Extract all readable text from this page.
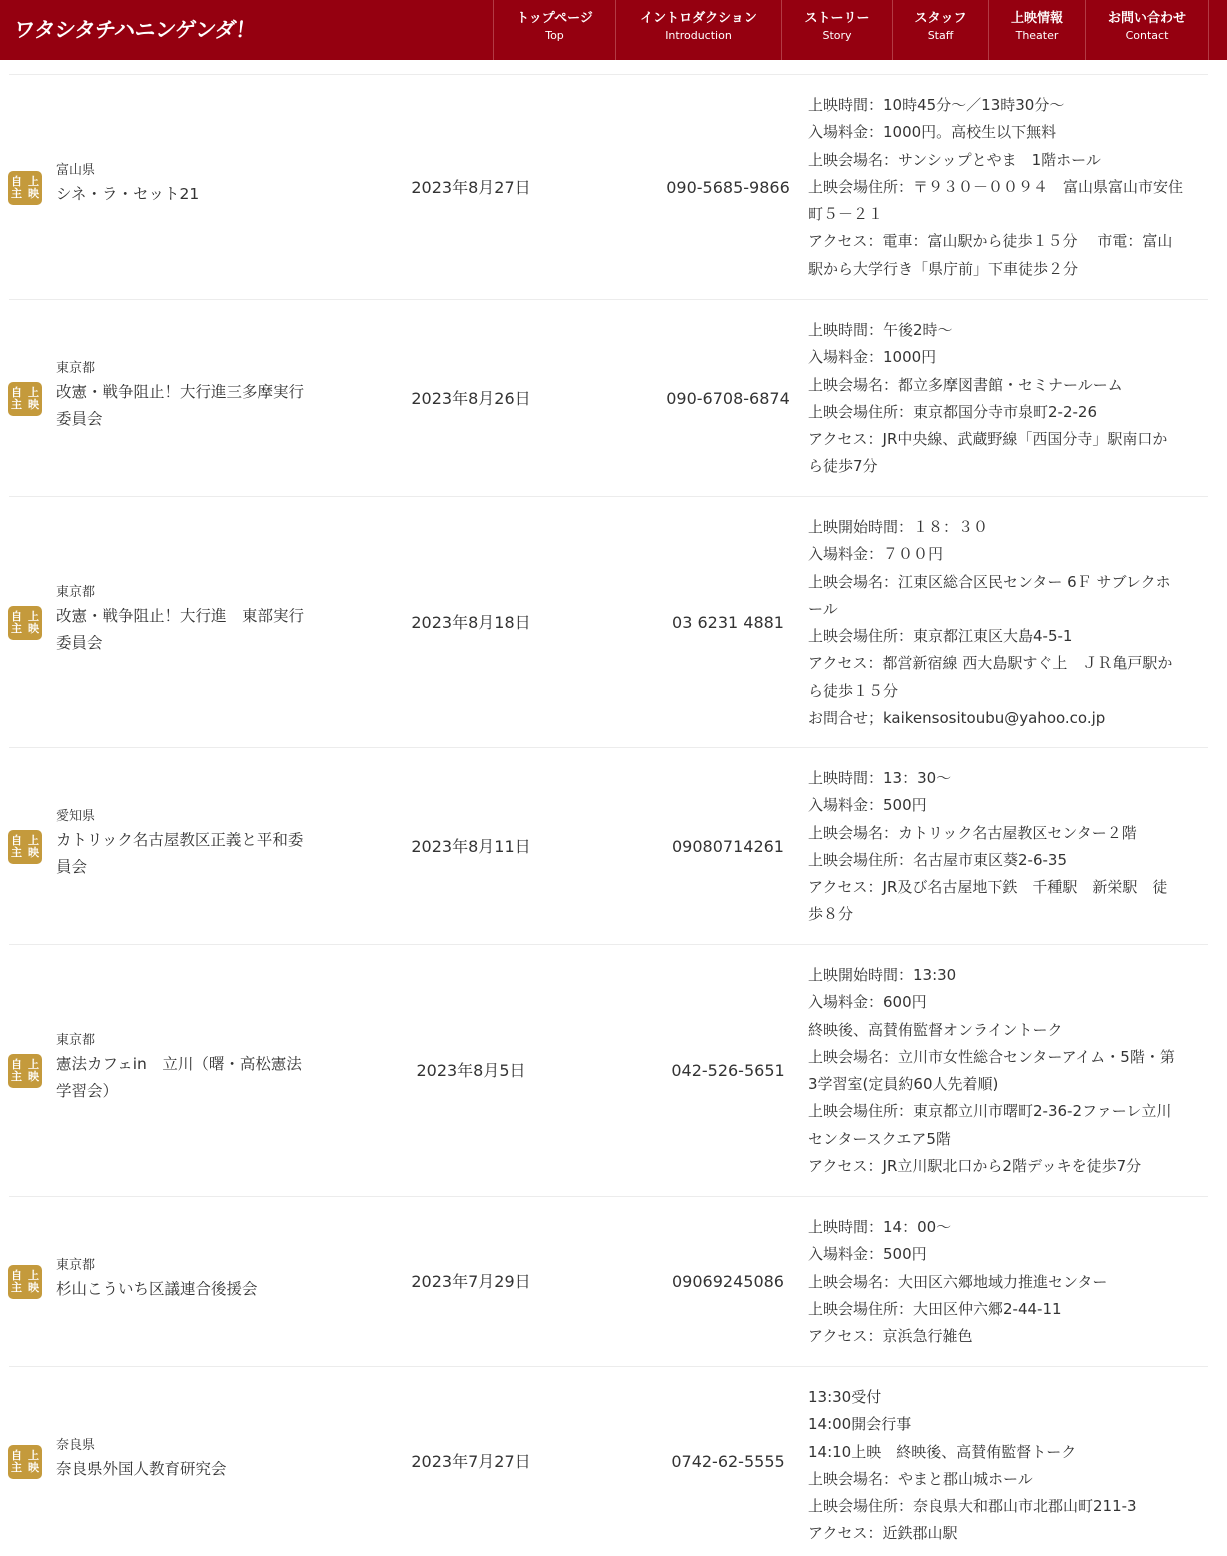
ワタシタチハニンゲンダ！	トップページ
Top
イントロダクション
Introduction
ストーリー
Story
スタッフ
Staff
上映情報
Theater
お問い合わせ
Contact
自主

上映
富山県
シネ・ラ・セット21	2023年8月27日	090-5685-9866
上映時間：10時45分〜／13時30分〜
入場料金：1000円。高校生以下無料
上映会場名：サンシップとやま　1階ホール
上映会場住所：〒９３０－００９４　富山県富山市安住
町５－２１
アクセス：電車：富山駅から徒歩１５分　 市電：富山
駅から大学行き「県庁前」下車徒歩２分
自主

上映
東京都
改憲・戦争阻止！大行進三多摩実行委員会
2023年8月26日	090-6708-6874
上映時間：午後2時〜
入場料金：1000円
上映会場名：都立多摩図書館・セミナールーム
上映会場住所：東京都国分寺市泉町2-2-26
アクセス：JR中央線、武蔵野線「西国分寺」駅南口か
ら徒歩7分
自主

上映
東京都
改憲・戦争阻止！大行進　東部実行委員会
2023年8月18日	03 6231 4881
上映開始時間：１８：３０
入場料金：７００円
上映会場名：江東区総合区民センター 6Ｆ サブレクホ
ール
上映会場住所：東京都江東区大島4-5-1
アクセス：都営新宿線 西大島駅すぐ上　ＪＲ亀戸駅か
ら徒歩１５分
お問合せ；kaikensositoubu@yahoo.co.jp
自主

上映
愛知県
カトリック名古屋教区正義と平和委員会
2023年8月11日	09080714261
上映時間：13：30〜
入場料金：500円
上映会場名：カトリック名古屋教区センター２階
上映会場住所：名古屋市東区葵2-6-35
アクセス：JR及び名古屋地下鉄　千種駅　新栄駅　徒
歩８分
自主

上映
東京都
憲法カフェin　立川（曙・高松憲法学習会）
2023年8月5日	042-526-5651
上映開始時間：13:30
入場料金：600円
終映後、高賛侑監督オンライントーク
上映会場名：立川市女性総合センターアイム・5階・第
3学習室(定員約60人先着順)
上映会場住所：東京都立川市曙町2-36-2ファーレ立川
センタースクエア5階
アクセス：JR立川駅北口から2階デッキを徒歩7分
自主

上映
東京都
杉山こういち区議連合後援会	2023年7月29日	09069245086
上映時間：14：00〜
入場料金：500円
上映会場名：大田区六郷地域力推進センター
上映会場住所：大田区仲六郷2-44-11
アクセス：京浜急行雑色
自主

上映
奈良県
奈良県外国人教育研究会	2023年7月27日	0742-62-5555
13:30受付
14:00開会行事
14:10上映　終映後、高賛侑監督トーク
上映会場名：やまと郡山城ホール
上映会場住所：奈良県大和郡山市北郡山町211-3
アクセス：近鉄郡山駅
